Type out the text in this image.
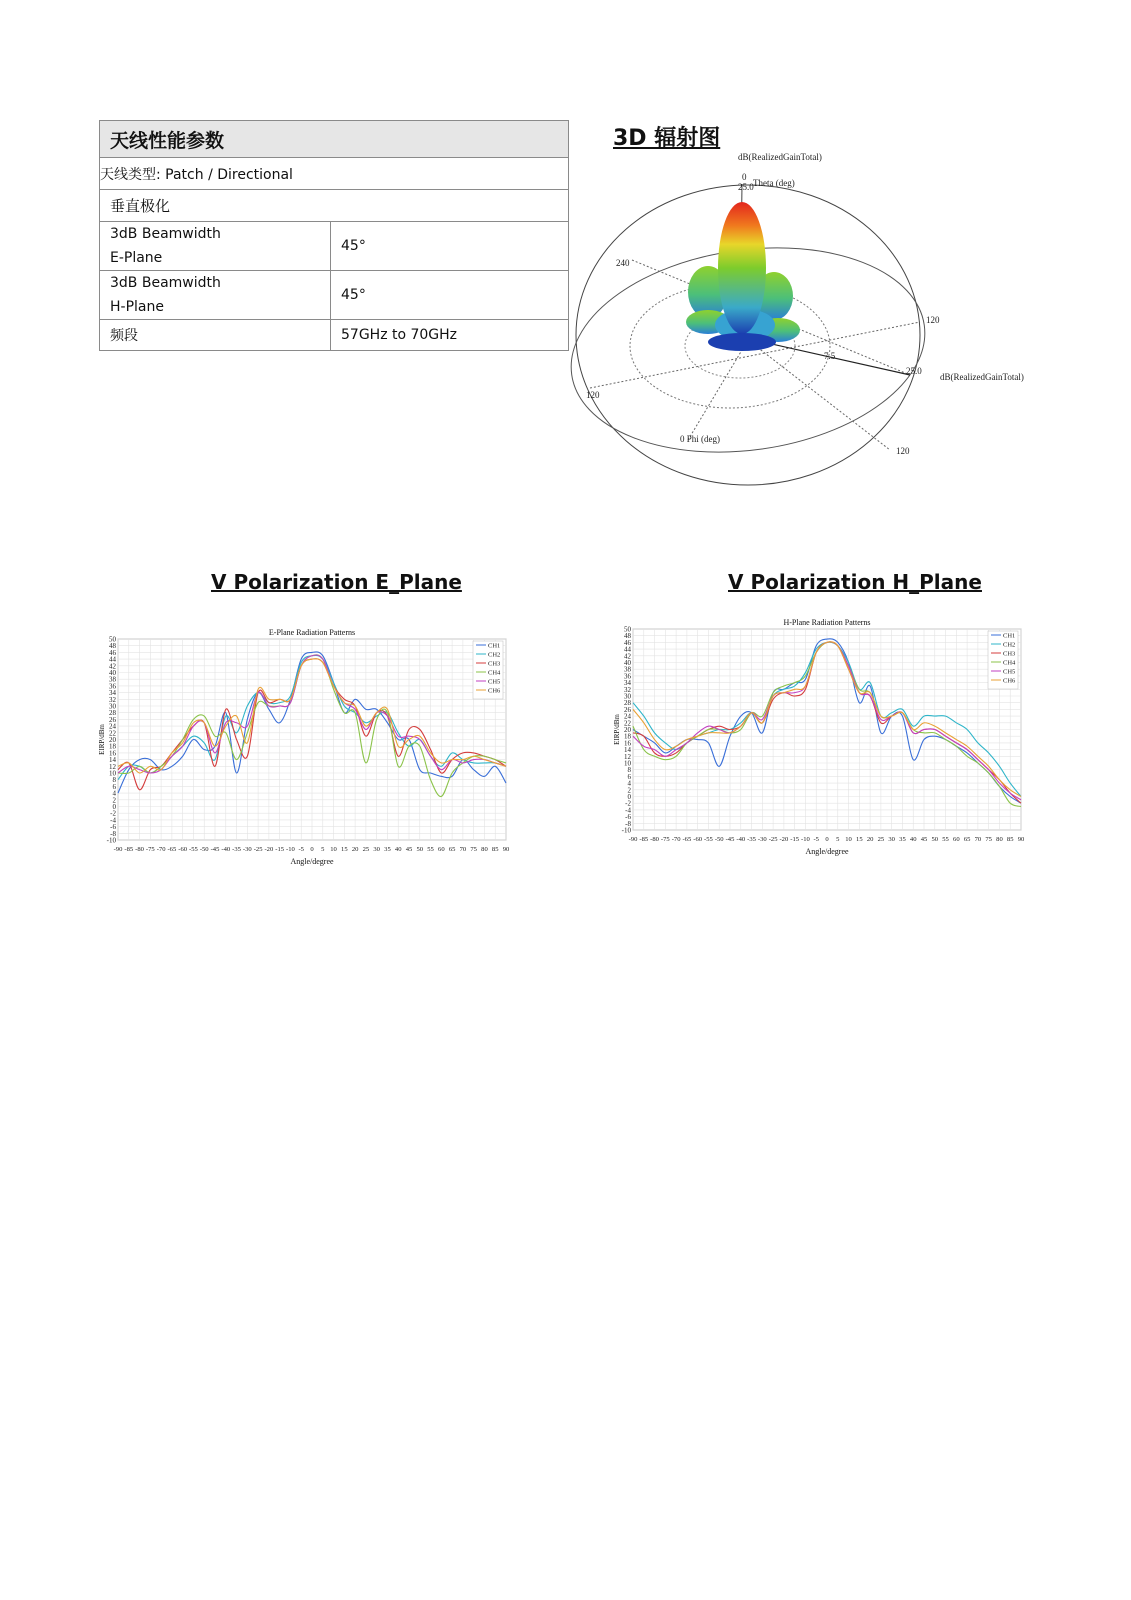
天线性能参数	
天线类型: Patch / Directional	
垂直极化	
3dB Beamwidth
E-Plane	45°
3dB Beamwidth
H-Plane	45°
频段	57GHz to 70GHz
3D 辐射图
dB(RealizedGainTotal)
0
25.0 Theta (deg)
240
120
7.5
25.0
dB(RealizedGainTotal)
120
0 Phi (deg)
120
V Polarization E_Plane	V Polarization H_Plane
50
48
46
44
42
40
38
36
34
32
30
28
26
24
22
20
18
16
14
12
10
8
6
4
2
0
-2
-4
-6
-8
-10
-90 -85 -80 -75 -70 -65 -60 -55 -50 -45 -40 -35 -30 -25 -20 -15 -10 -5 0 5 10 15 20 25 30 35 40 45 50 55 60 65 70 75 80 85 90
E-Plane Radiation Patterns
Angle/degree
EIRP/dBm
CH1
CH2
CH3
CH4
CH5
CH6
50
48
46
44
42
40
38
36
34
32
30
28
26
24
22
20
18
16
14
12
10
8
6
4
2
0
-2
-4
-6
-8
-10
-90 -85 -80 -75 -70 -65 -60 -55 -50 -45 -40 -35 -30 -25 -20 -15 -10 -5 0 5 10 15 20 25 30 35 40 45 50 55 60 65 70 75 80 85 90
H-Plane Radiation Patterns
Angle/degree
EIRP/dBm
CH1
CH2
CH3
CH4
CH5
CH6
